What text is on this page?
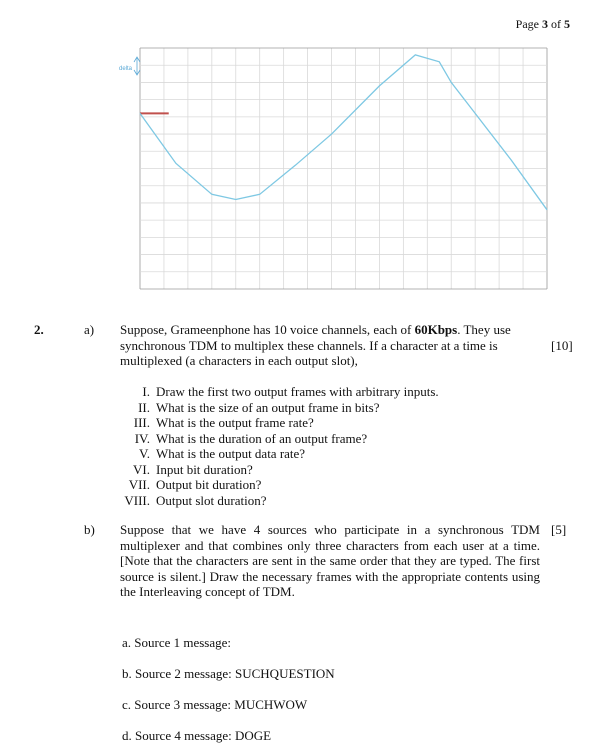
Page 3 of 5
delta
2.	a) Suppose, Grameenphone has 10 voice channels, each of 60Kbps. They use synchronous TDM to multiplex these channels. If a character at a time is multiplexed (a characters in each output slot),
[10]
I. Draw the first two output frames with arbitrary inputs.
II. What is the size of an output frame in bits?
III. What is the output frame rate?
IV. What is the duration of an output frame?
V. What is the output data rate?
VI. Input bit duration?
VII. Output bit duration?
VIII. Output slot duration?
b) Suppose that we have 4 sources who participate in a synchronous TDM multiplexer and that combines only three characters from each user at a time. [Note that the characters are sent in the same order that they are typed. The first source is silent.] Draw the necessary frames with the appropriate contents using the Interleaving concept of TDM.
[5]
a. Source 1 message:
b. Source 2 message: SUCHQUESTION
c. Source 3 message: MUCHWOW
d. Source 4 message: DOGE
